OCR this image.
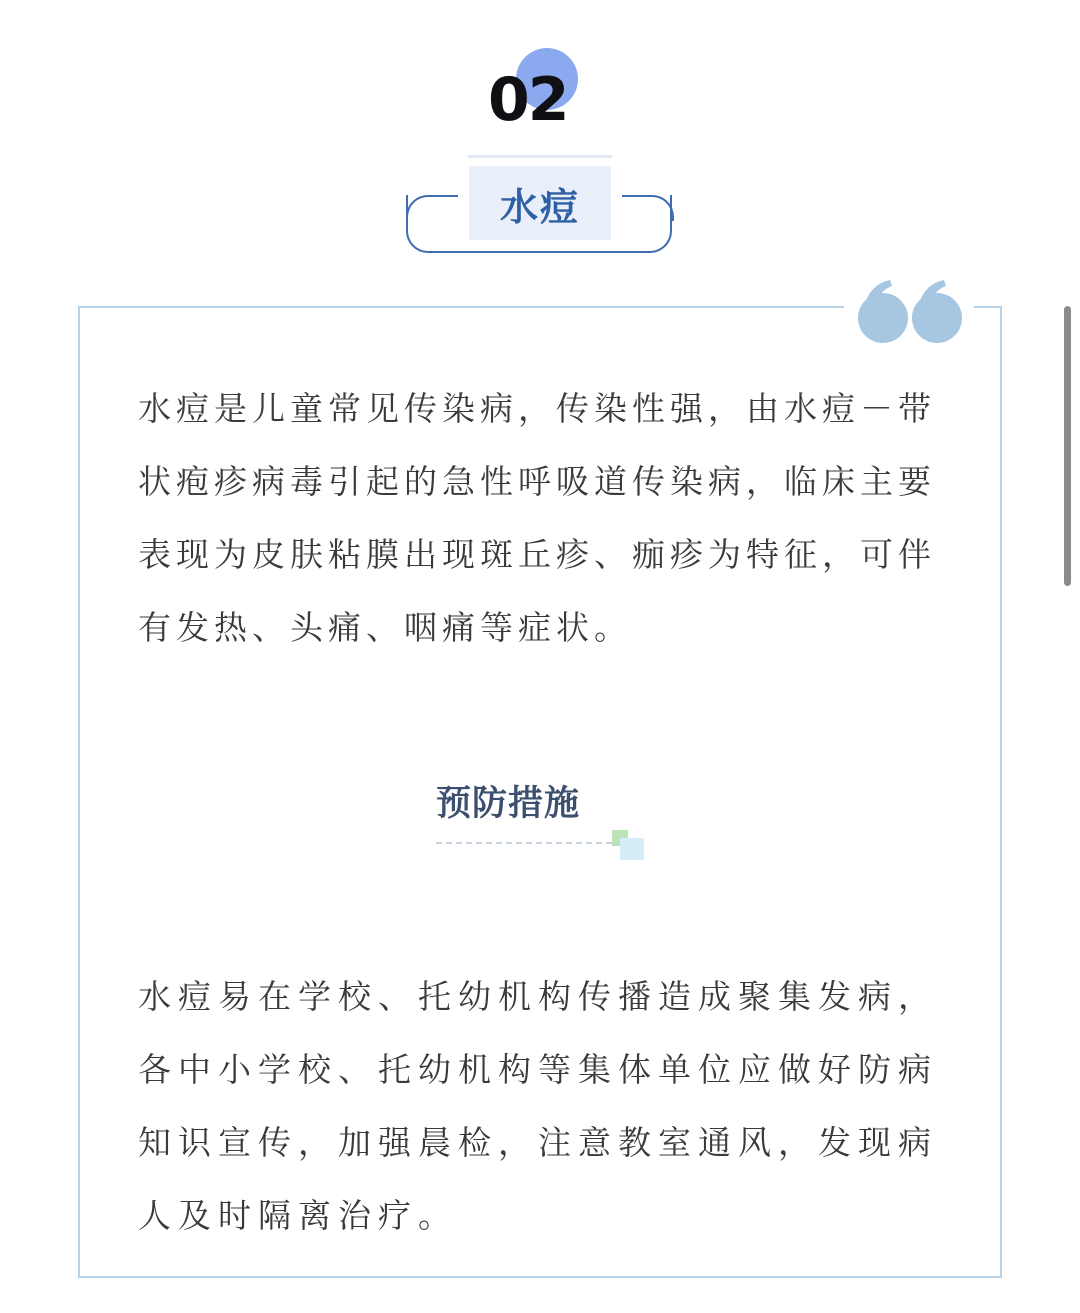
02
水痘

水痘是儿童常见传染病，传染性强，由水痘－带状疱疹病毒引起的急性呼吸道传染病，临床主要表现为皮肤粘膜出现斑丘疹、痂疹为特征，可伴有发热、头痛、咽痛等症状。

预防措施

水痘易在学校、托幼机构传播造成聚集发病，各中小学校、托幼机构等集体单位应做好防病知识宣传，加强晨检，注意教室通风，发现病人及时隔离治疗。
